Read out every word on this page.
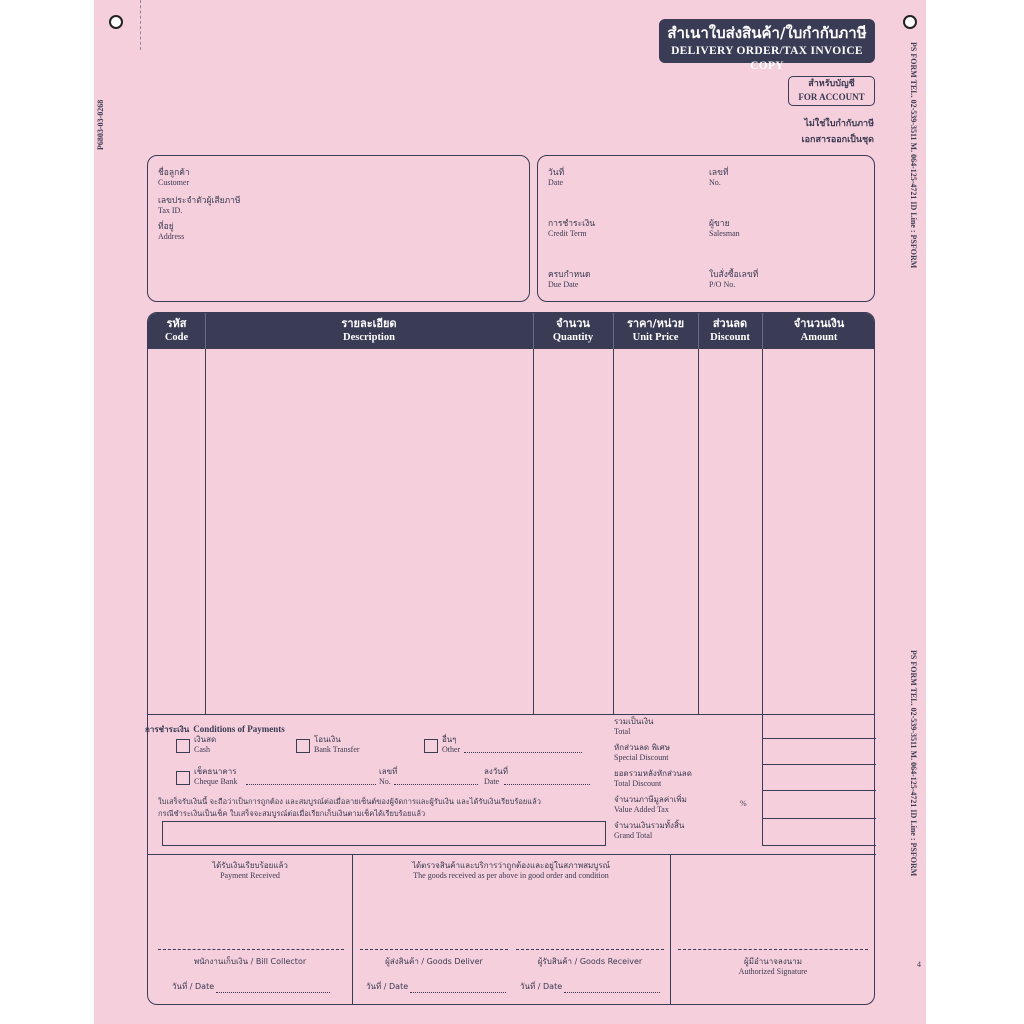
P6803-03-0268	PS FORM TEL. 02-539-3511 M. 064-125-4721 ID Line : PSFORM
PS FORM TEL. 02-539-3511 M. 064-125-4721 ID Line : PSFORM
4
สำเนาใบส่งสินค้า/ใบกำกับภาษี
DELIVERY ORDER/TAX INVOICE COPY
สำหรับบัญชี
FOR ACCOUNT
ไม่ใช่ใบกำกับภาษี
เอกสารออกเป็นชุด
ชื่อลูกค้า
Customer
เลขประจำตัวผู้เสียภาษี
Tax ID.
ที่อยู่
Address
วันที่
Date
เลขที่
No.
การชำระเงิน
Credit Term
ผู้ขาย
Salesman
ครบกำหนด
Due Date
ใบสั่งซื้อเลขที่
P/O No.
รหัส
Code
รายละเอียด
Description
จำนวน
Quantity
ราคา/หน่วย
Unit Price
ส่วนลด
Discount
จำนวนเงิน
Amount
การชำระเงิน Conditions of Payments
เงินสด
Cash
โอนเงิน
Bank Transfer
อื่นๆ
Other
เช็คธนาคาร
Cheque Bank
เลขที่
No.
ลงวันที่
Date
ใบเสร็จรับเงินนี้ จะถือว่าเป็นการถูกต้อง และสมบูรณ์ต่อเมื่อลายเซ็นต์ของผู้จัดการและผู้รับเงิน และได้รับเงินเรียบร้อยแล้ว
กรณีชำระเงินเป็นเช็ค ใบเสร็จจะสมบูรณ์ต่อเมื่อเรียกเก็บเงินตามเช็คได้เรียบร้อยแล้ว
รวมเป็นเงิน
Total
หักส่วนลด พิเศษ
Special Discount
ยอดรวมหลังหักส่วนลด
Total Discount
จำนวนภาษีมูลค่าเพิ่ม
Value Added Tax
%
จำนวนเงินรวมทั้งสิ้น
Grand Total
ได้รับเงินเรียบร้อยแล้ว
Payment Received
ได้ตรวจสินค้าและบริการว่าถูกต้องและอยู่ในสภาพสมบูรณ์
The goods received as per above in good order and condition
พนักงานเก็บเงิน / Bill Collector	ผู้ส่งสินค้า / Goods Deliver	ผู้รับสินค้า / Goods Receiver	ผู้มีอำนาจลงนาม
Authorized Signature
วันที่ / Date	วันที่ / Date	วันที่ / Date
